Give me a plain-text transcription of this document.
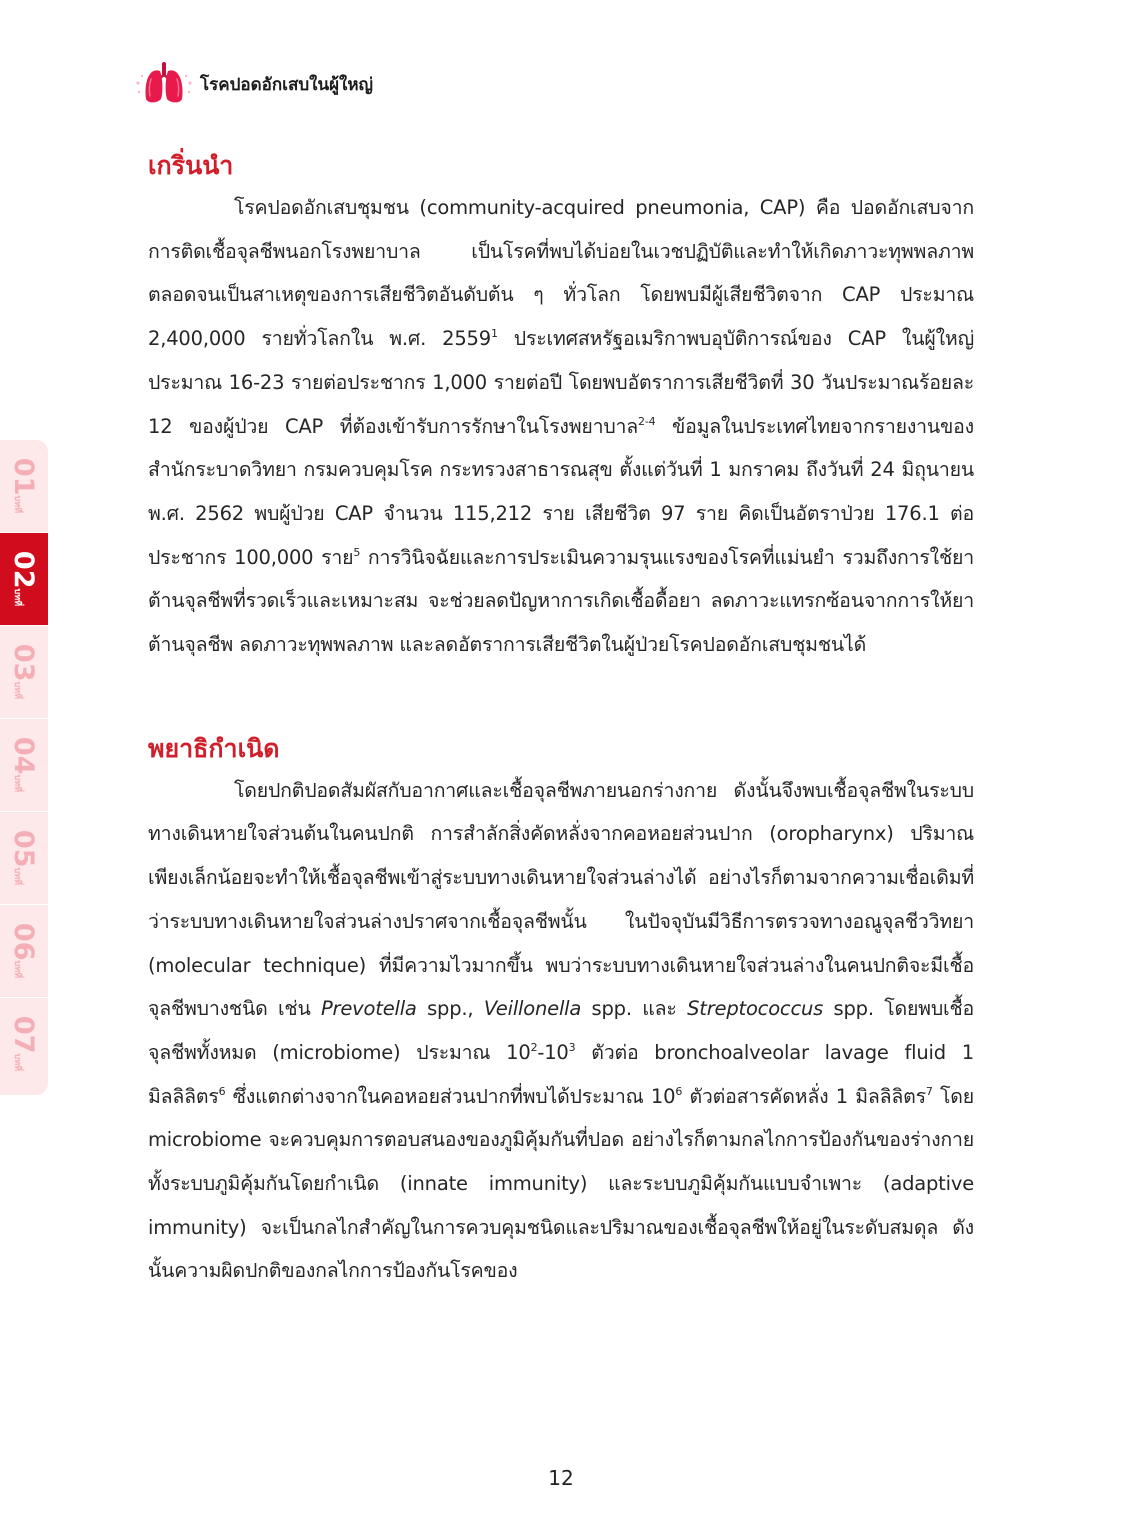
โรคปอดอักเสบในผู้ใหญ่
เกริ่นนำ

โรคปอดอักเสบชุมชน (community-acquired pneumonia, CAP) คือ ปอดอักเสบจากการติดเชื้อจุลชีพนอกโรงพยาบาล เป็นโรคที่พบได้บ่อยในเวชปฏิบัติและทำให้เกิดภาวะทุพพลภาพ ตลอดจนเป็นสาเหตุของการเสียชีวิตอันดับต้น ๆ ทั่วโลก โดยพบมีผู้เสียชีวิตจาก CAP ประมาณ 2,400,000 รายทั่วโลกใน พ.ศ. 2559$^1$ ประเทศสหรัฐอเมริกาพบอุบัติการณ์ของ CAP ในผู้ใหญ่ประมาณ 16-23 รายต่อประชากร 1,000 รายต่อปี โดยพบอัตราการเสียชีวิตที่ 30 วันประมาณร้อยละ 12 ของผู้ป่วย CAP ที่ต้องเข้ารับการรักษาในโรงพยาบาล$^{2-4}$ ข้อมูลในประเทศไทยจากรายงานของสำนักระบาดวิทยา กรมควบคุมโรค กระทรวงสาธารณสุข ตั้งแต่วันที่ 1 มกราคม ถึงวันที่ 24 มิถุนายน พ.ศ. 2562 พบผู้ป่วย CAP จำนวน 115,212 ราย เสียชีวิต 97 ราย คิดเป็นอัตราป่วย 176.1 ต่อประชากร 100,000 ราย$^5$ การวินิจฉัยและการประเมินความรุนแรงของโรคที่แม่นยำ รวมถึงการใช้ยาต้านจุลชีพที่รวดเร็วและเหมาะสม จะช่วยลดปัญหาการเกิดเชื้อดื้อยา ลดภาวะแทรกซ้อนจากการให้ยาต้านจุลชีพ ลดภาวะทุพพลภาพ และลดอัตราการเสียชีวิตในผู้ป่วยโรคปอดอักเสบชุมชนได้

พยาธิกำเนิด

โดยปกติปอดสัมผัสกับอากาศและเชื้อจุลชีพภายนอกร่างกาย ดังนั้นจึงพบเชื้อจุลชีพในระบบทางเดินหายใจส่วนต้นในคนปกติ การสำลักสิ่งคัดหลั่งจากคอหอยส่วนปาก (oropharynx) ปริมาณเพียงเล็กน้อยจะทำให้เชื้อจุลชีพเข้าสู่ระบบทางเดินหายใจส่วนล่างได้ อย่างไรก็ตามจากความเชื่อเดิมที่ว่าระบบทางเดินหายใจส่วนล่างปราศจากเชื้อจุลชีพนั้น ในปัจจุบันมีวิธีการตรวจทางอณูจุลชีววิทยา (molecular technique) ที่มีความไวมากขึ้น พบว่าระบบทางเดินหายใจส่วนล่างในคนปกติจะมีเชื้อจุลชีพบางชนิด เช่น Prevotella spp., Veillonella spp. และ Streptococcus spp. โดยพบเชื้อจุลชีพทั้งหมด (microbiome) ประมาณ $10^2-10^3$ ตัวต่อ bronchoalveolar lavage fluid 1 มิลลิลิตร$^6$ ซึ่งแตกต่างจากในคอหอยส่วนปากที่พบได้ประมาณ $10^6$ ตัวต่อสารคัดหลั่ง 1 มิลลิลิตร$^7$ โดย microbiome จะควบคุมการตอบสนองของภูมิคุ้มกันที่ปอด อย่างไรก็ตามกลไกการป้องกันของร่างกายทั้งระบบภูมิคุ้มกันโดยกำเนิด (innate immunity) และระบบภูมิคุ้มกันแบบจำเพาะ (adaptive immunity) จะเป็นกลไกสำคัญในการควบคุมชนิดและปริมาณของเชื้อจุลชีพให้อยู่ในระดับสมดุล ดังนั้นความผิดปกติของกลไกการป้องกันโรคของ

01
บทที่
02
บทที่
03
บทที่
04
บทที่
05
บทที่
06
บทที่
07
บทที่
12
